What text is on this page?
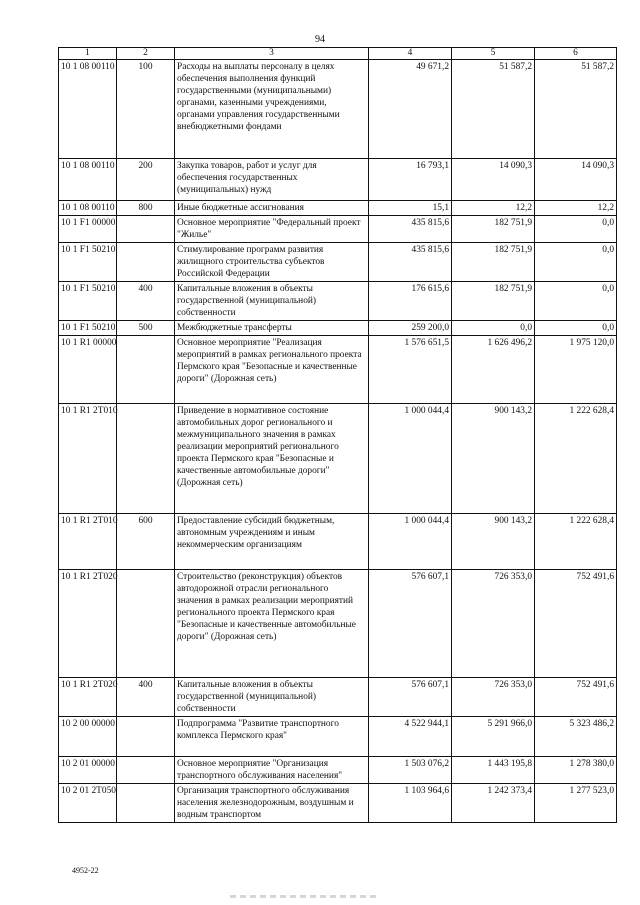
94
1	2	3	4	5	6
10 1 08 00110	100	Расходы на выплаты персоналу в целях обеспечения выполнения функций государственными (муниципальными) органами, казенными учреждениями, органами управления государственными внебюджетными фондами	49 671,2	51 587,2	51 587,2
10 1 08 00110	200	Закупка товаров, работ и услуг для обеспечения государственных (муниципальных) нужд	16 793,1	14 090,3	14 090,3
10 1 08 00110	800	Иные бюджетные ассигнования	15,1	12,2	12,2
10 1 F1 00000		Основное мероприятие "Федеральный проект "Жилье"	435 815,6	182 751,9	0,0
10 1 F1 50210		Стимулирование программ развития жилищного строительства субъектов Российской Федерации	435 815,6	182 751,9	0,0
10 1 F1 50210	400	Капитальные вложения в объекты государственной (муниципальной) собственности	176 615,6	182 751,9	0,0
10 1 F1 50210	500	Межбюджетные трансферты	259 200,0	0,0	0,0
10 1 R1 00000		Основное мероприятие "Реализация мероприятий в рамках регионального проекта Пермского края "Безопасные и качественные дороги" (Дорожная сеть)	1 576 651,5	1 626 496,2	1 975 120,0
10 1 R1 2T010		Приведение в нормативное состояние автомобильных дорог регионального и межмуниципального значения в рамках реализации мероприятий регионального проекта Пермского края "Безопасные и качественные автомобильные дороги" (Дорожная сеть)	1 000 044,4	900 143,2	1 222 628,4
10 1 R1 2T010	600	Предоставление субсидий бюджетным, автономным учреждениям и иным некоммерческим организациям	1 000 044,4	900 143,2	1 222 628,4
10 1 R1 2T020		Строительство (реконструкция) объектов автодорожной отрасли регионального значения в рамках реализации мероприятий регионального проекта Пермского края "Безопасные и качественные автомобильные дороги" (Дорожная сеть)	576 607,1	726 353,0	752 491,6
10 1 R1 2T020	400	Капитальные вложения в объекты государственной (муниципальной) собственности	576 607,1	726 353,0	752 491,6
10 2 00 00000		Подпрограмма "Развитие транспортного комплекса Пермского края"	4 522 944,1	5 291 966,0	5 323 486,2
10 2 01 00000		Основное мероприятие "Организация транспортного обслуживания населения"	1 503 076,2	1 443 195,8	1 278 380,0
10 2 01 2T050		Организация транспортного обслуживания населения железнодорожным, воздушным и водным транспортом	1 103 964,6	1 242 373,4	1 277 523,0
4952-22
